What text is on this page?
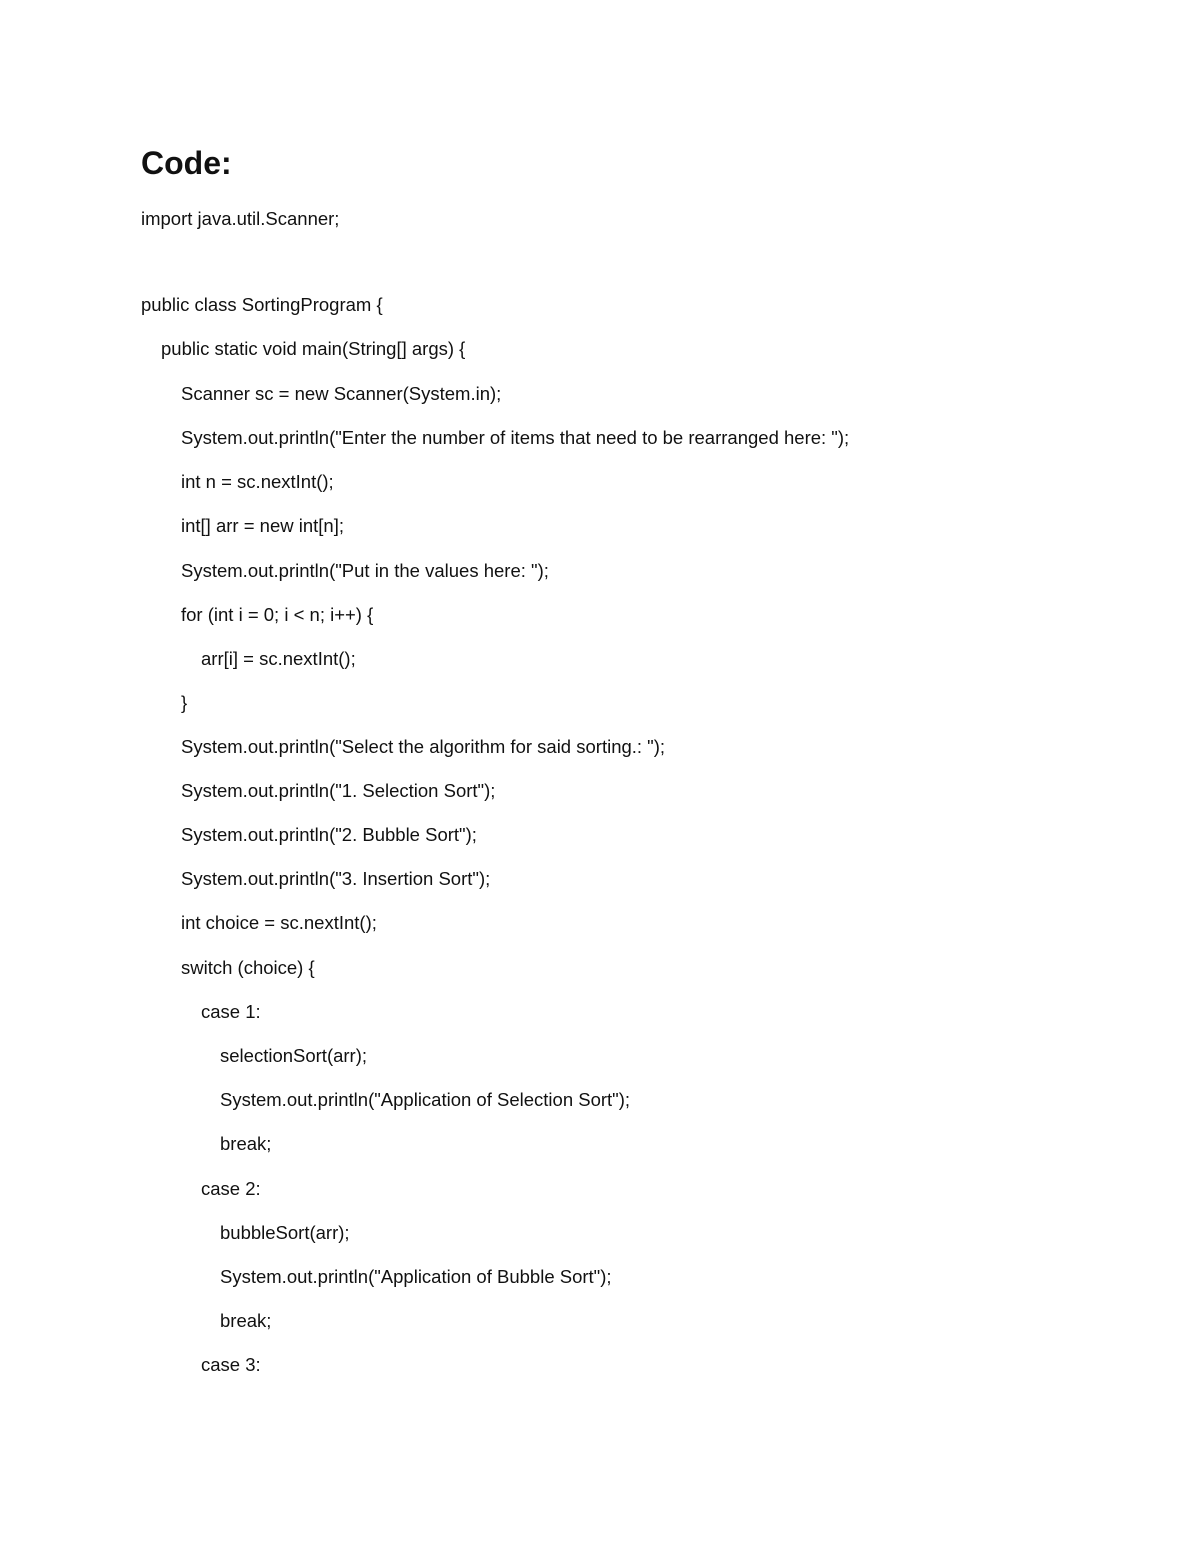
Code:
import java.util.Scanner;
public class SortingProgram {
public static void main(String[] args) {
Scanner sc = new Scanner(System.in);
System.out.println("Enter the number of items that need to be rearranged here: ");
int n = sc.nextInt();
int[] arr = new int[n];
System.out.println("Put in the values here: ");
for (int i = 0; i < n; i++) {
arr[i] = sc.nextInt();
}
System.out.println("Select the algorithm for said sorting.: ");
System.out.println("1. Selection Sort");
System.out.println("2. Bubble Sort");
System.out.println("3. Insertion Sort");
int choice = sc.nextInt();
switch (choice) {
case 1:
selectionSort(arr);
System.out.println("Application of Selection Sort");
break;
case 2:
bubbleSort(arr);
System.out.println("Application of Bubble Sort");
break;
case 3:
